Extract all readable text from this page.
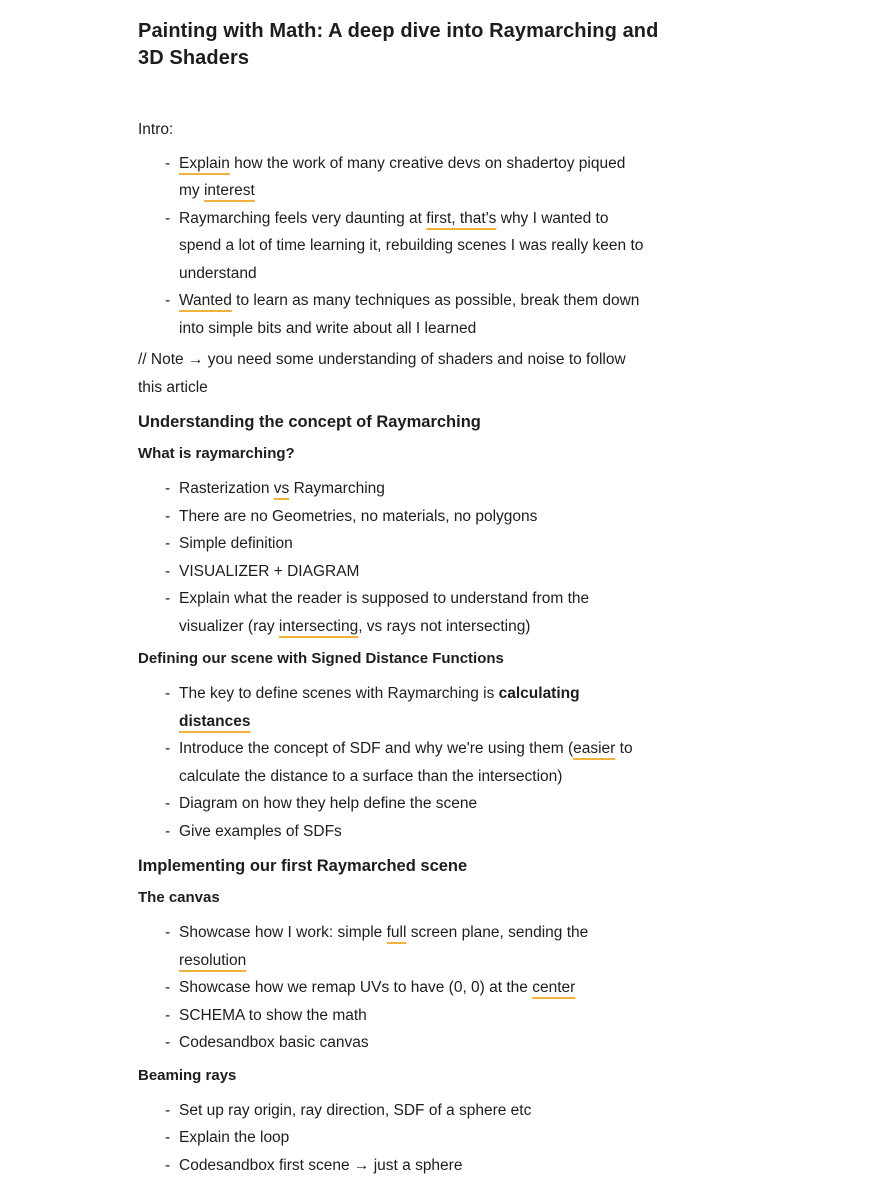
Painting with Math: A deep dive into Raymarching and
3D Shaders

Intro:

- Explain how the work of many creative devs on shadertoy piqued
my interest
- Raymarching feels very daunting at first, that's why I wanted to
spend a lot of time learning it, rebuilding scenes I was really keen to
understand
- Wanted to learn as many techniques as possible, break them down
into simple bits and write about all I learned

// Note → you need some understanding of shaders and noise to follow
this article

Understanding the concept of Raymarching
What is raymarching?
- Rasterization vs Raymarching
- There are no Geometries, no materials, no polygons
- Simple definition
- VISUALIZER + DIAGRAM
- Explain what the reader is supposed to understand from the
visualizer (ray intersecting, vs rays not intersecting)
Defining our scene with Signed Distance Functions
- The key to define scenes with Raymarching is calculating
distances
- Introduce the concept of SDF and why we're using them (easier to
calculate the distance to a surface than the intersection)
- Diagram on how they help define the scene
- Give examples of SDFs
Implementing our first Raymarched scene
The canvas
- Showcase how I work: simple full screen plane, sending the
resolution
- Showcase how we remap UVs to have (0, 0) at the center
- SCHEMA to show the math
- Codesandbox basic canvas
Beaming rays
- Set up ray origin, ray direction, SDF of a sphere etc
- Explain the loop
- Codesandbox first scene → just a sphere
